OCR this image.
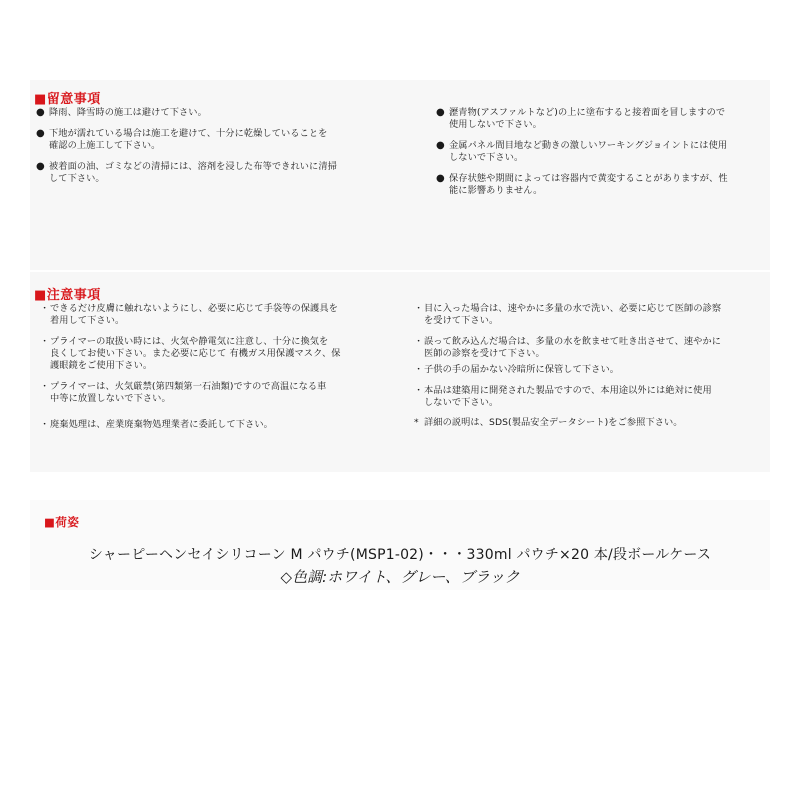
■留意事項
● 降雨、降雪時の施工は避けて下さい。
● 下地が濡れている場合は施工を避けて、十分に乾燥していることを
確認の上施工して下さい。
● 被着面の油、ゴミなどの清掃には、溶剤を浸した布等できれいに清掃
して下さい。
● 瀝青物(アスファルトなど)の上に塗布すると接着面を冒しますので
使用しないで下さい。
● 金属パネル間目地など動きの激しいワーキングジョイントには使用
しないで下さい。
● 保存状態や期間によっては容器内で黄変することがありますが、性
能に影響ありません。
■注意事項
・ できるだけ皮膚に触れないようにし、必要に応じて手袋等の保護具を
着用して下さい。
・ プライマーの取扱い時には、火気や静電気に注意し、十分に換気を
良くしてお使い下さい。また必要に応じて 有機ガス用保護マスク、保
護眼鏡をご使用下さい。
・ プライマーは、火気厳禁(第四類第一石油類)ですので高温になる車
中等に放置しないで下さい。
・ 廃棄処理は、産業廃棄物処理業者に委託して下さい。
・ 目に入った場合は、速やかに多量の水で洗い、必要に応じて医師の診察
を受けて下さい。
・ 誤って飲み込んだ場合は、多量の水を飲ませて吐き出させて、速やかに
医師の診察を受けて下さい。
・ 子供の手の届かない冷暗所に保管して下さい。
・ 本品は建築用に開発された製品ですので、本用途以外には絶対に使用
しないで下さい。
* 詳細の説明は、SDS(製品安全データシート)をご参照下さい。
■荷姿
シャーピーヘンセイシリコーン M パウチ(MSP1-02)・・・330ml パウチ×20 本/段ボールケース
◇色調:ホワイト、グレー、ブラック
